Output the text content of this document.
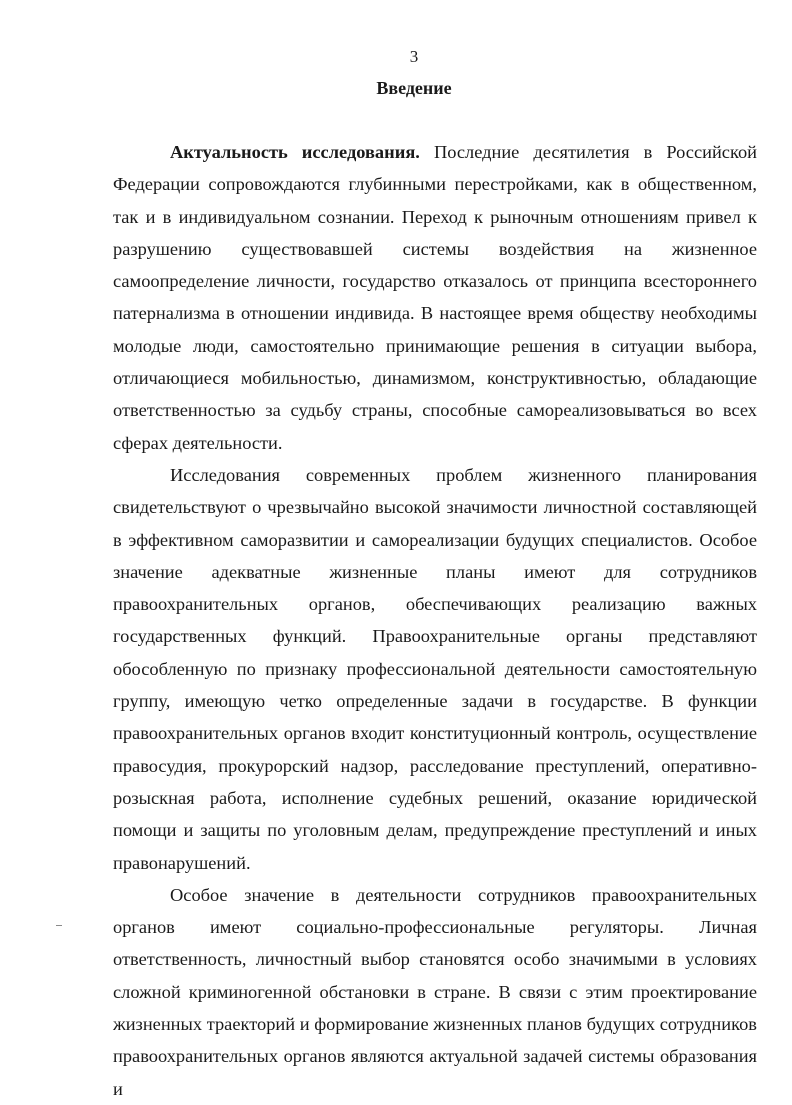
3
Введение

Актуальность исследования. Последние десятилетия в Российской Федерации сопровождаются глубинными перестройками, как в общественном, так и в индивидуальном сознании. Переход к рыночным отношениям привел к разрушению существовавшей системы воздействия на жизненное самоопределение личности, государство отказалось от принципа всестороннего патернализма в отношении индивида. В настоящее время обществу необходимы молодые люди, самостоятельно принимающие решения в ситуации выбора, отличающиеся мобильностью, динамизмом, конструктивностью, обладающие ответственностью за судьбу страны, способные самореализовываться во всех сферах деятельности.

Исследования современных проблем жизненного планирования свидетельствуют о чрезвычайно высокой значимости личностной составляющей в эффективном саморазвитии и самореализации будущих специалистов. Особое значение адекватные жизненные планы имеют для сотрудников правоохранительных органов, обеспечивающих реализацию важных государственных функций. Правоохранительные органы представляют обособленную по признаку профессиональной деятельности самостоятельную группу, имеющую четко определенные задачи в государстве. В функции правоохранительных органов входит конституционный контроль, осуществление правосудия, прокурорский надзор, расследование преступлений, оперативно-розыскная работа, исполнение судебных решений, оказание юридической помощи и защиты по уголовным делам, предупреждение преступлений и иных правонарушений.

Особое значение в деятельности сотрудников правоохранительных органов имеют социально-профессиональные регуляторы. Личная ответственность, личностный выбор становятся особо значимыми в условиях сложной криминогенной обстановки в стране. В связи с этим проектирование жизненных траекторий и формирование жизненных планов будущих сотрудников правоохранительных органов являются актуальной задачей системы образования и
